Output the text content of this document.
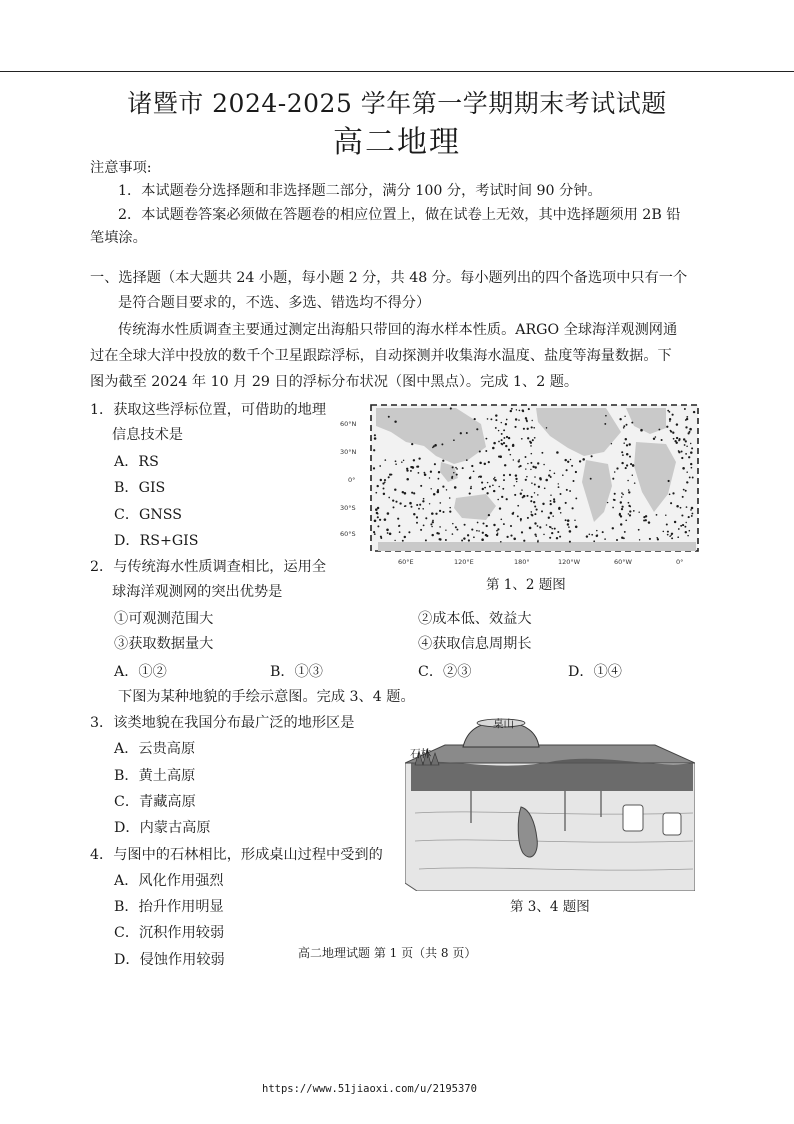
诸暨市 2024-2025 学年第一学期期末考试试题
高二地理
注意事项:
1．本试题卷分选择题和非选择题二部分，满分 100 分，考试时间 90 分钟。
2．本试题卷答案必须做在答题卷的相应位置上，做在试卷上无效，其中选择题须用 2B 铅
笔填涂。
一、选择题（本大题共 24 小题，每小题 2 分，共 48 分。每小题列出的四个备选项中只有一个
是符合题目要求的，不选、多选、错选均不得分）
传统海水性质调查主要通过测定出海船只带回的海水样本性质。ARGO 全球海洋观测网通
过在全球大洋中投放的数千个卫星跟踪浮标，自动探测并收集海水温度、盐度等海量数据。下
图为截至 2024 年 10 月 29 日的浮标分布状况（图中黑点）。完成 1、2 题。
1．获取这些浮标位置，可借助的地理
信息技术是
A．RS
B．GIS
C．GNSS
D．RS+GIS
60°N
30°N
0°
30°S
60°S
60°E	120°E	180°	120°W	60°W	0°
第 1、2 题图
2．与传统海水性质调查相比，运用全
球海洋观测网的突出优势是
①可观测范围大	②成本低、效益大
③获取数据量大	④获取信息周期长
A．①②	B．①③	C．②③	D．①④
下图为某种地貌的手绘示意图。完成 3、4 题。
3．该类地貌在我国分布最广泛的地形区是
A．云贵高原
B．黄土高原
C．青藏高原
D．内蒙古高原
桌山
石林
第 3、4 题图
4．与图中的石林相比，形成桌山过程中受到的
A．风化作用强烈
B．抬升作用明显
C．沉积作用较弱
D．侵蚀作用较弱	高二地理试题 第 1 页（共 8 页）
https://www.51jiaoxi.com/u/2195370
